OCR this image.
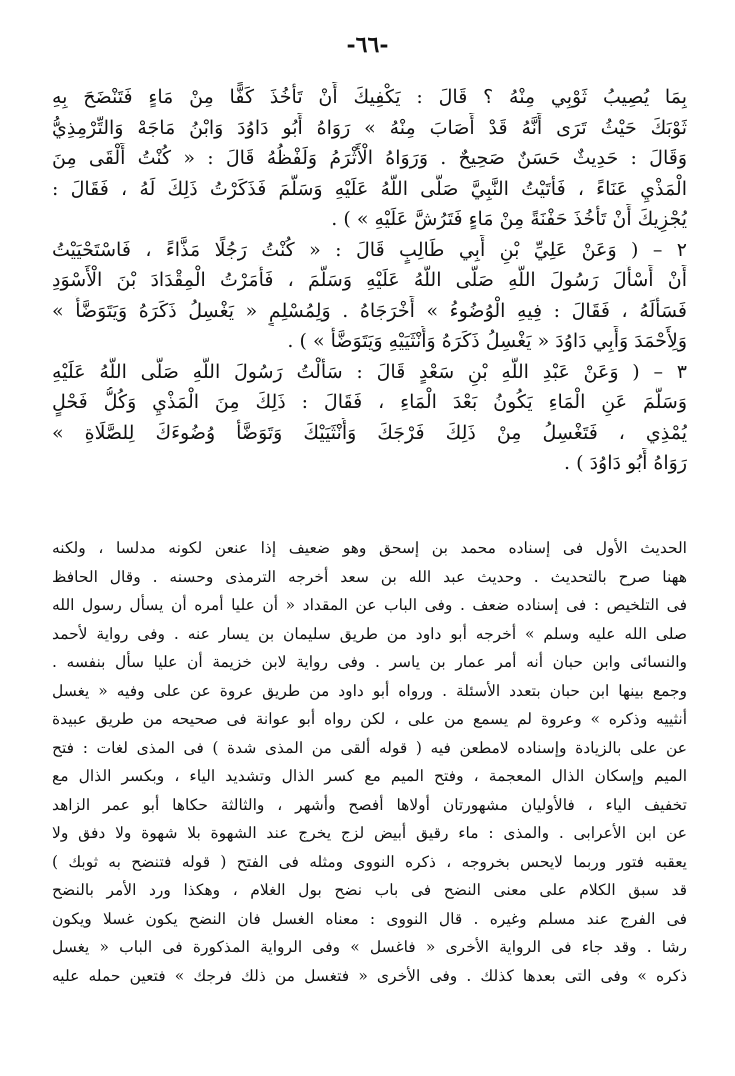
-٦٦-
بِمَا يُصِيبُ ثَوْبِي مِنْهُ ؟ قَالَ : يَكْفِيكَ أَنْ تَأْخُذَ كَفًّا مِنْ مَاءٍ فَتَنْضَحَ بِهِ
ثَوْبَكَ حَيْثُ تَرَى أَنَّهُ قَدْ أَصَابَ مِنْهُ » رَوَاهُ أَبُو دَاوُدَ وَابْنُ مَاجَهْ وَالتِّرْمِذِيُّ
وَقَالَ : حَدِيثٌ حَسَنٌ صَحِيحٌ . وَرَوَاهُ الْأَثْرَمُ وَلَفْظُهُ قَالَ : « كُنْتُ أَلْقَى مِنَ
الْمَذْيِ عَنَاءً ، فَأَتَيْتُ النَّبِيَّ صَلَّى اللَّهُ عَلَيْهِ وَسَلَّمَ فَذَكَرْتُ ذَلِكَ لَهُ ، فَقَالَ :
يُجْزِيكَ أَنْ تَأْخُذَ حَفْنَةً مِنْ مَاءٍ فَتَرُشَّ عَلَيْهِ » ) .
٢ – ( وَعَنْ عَلِيِّ بْنِ أَبِي طَالِبٍ قَالَ : « كُنْتُ رَجُلًا مَذَّاءً ، فَاسْتَحْيَيْتُ
أَنْ أَسْأَلَ رَسُولَ اللَّهِ صَلَّى اللَّهُ عَلَيْهِ وَسَلَّمَ ، فَأَمَرْتُ الْمِقْدَادَ بْنَ الْأَسْوَدِ
فَسَأَلَهُ ، فَقَالَ : فِيهِ الْوُضُوءُ » أَخْرَجَاهُ . وَلِمُسْلِمٍ « يَغْسِلُ ذَكَرَهُ وَيَتَوَضَّأُ »
وَلِأَحْمَدَ وَأَبِي دَاوُدَ « يَغْسِلُ ذَكَرَهُ وَأُنْثَيَيْهِ وَيَتَوَضَّأُ » ) .
٣ – ( وَعَنْ عَبْدِ اللَّهِ بْنِ سَعْدٍ قَالَ : سَأَلْتُ رَسُولَ اللَّهِ صَلَّى اللَّهُ عَلَيْهِ
وَسَلَّمَ عَنِ الْمَاءِ يَكُونُ بَعْدَ الْمَاءِ ، فَقَالَ : ذَلِكَ مِنَ الْمَذْيِ وَكُلُّ فَحْلٍ
يُمْذِي ، فَتَغْسِلُ مِنْ ذَلِكَ فَرْجَكَ وَأُنْثَيَيْكَ وَتَوَضَّأْ وُضُوءَكَ لِلصَّلَاةِ »
رَوَاهُ أَبُو دَاوُدَ ) .
الحديث الأول فى إسناده محمد بن إسحق وهو ضعيف إذا عنعن لكونه مدلسا ، ولكنه
ههنا صرح بالتحديث . وحديث عبد الله بن سعد أخرجه الترمذى وحسنه . وقال الحافظ
فى التلخيص : فى إسناده ضعف . وفى الباب عن المقداد « أن عليا أمره أن يسأل رسول الله
صلى الله عليه وسلم » أخرجه أبو داود من طريق سليمان بن يسار عنه . وفى رواية لأحمد
والنسائى وابن حبان أنه أمر عمار بن ياسر . وفى رواية لابن خزيمة أن عليا سأل بنفسه .
وجمع بينها ابن حبان بتعدد الأسئلة . ورواه أبو داود من طريق عروة عن على وفيه « يغسل
أنثييه وذكره » وعروة لم يسمع من على ، لكن رواه أبو عوانة فى صحيحه من طريق عبيدة
عن على بالزيادة وإسناده لامطعن فيه ( قوله ألقى من المذى شدة ) فى المذى لغات : فتح
الميم وإسكان الذال المعجمة ، وفتح الميم مع كسر الذال وتشديد الياء ، وبكسر الذال مع
تخفيف الياء ، فالأوليان مشهورتان أولاها أفصح وأشهر ، والثالثة حكاها أبو عمر الزاهد
عن ابن الأعرابى . والمذى : ماء رقيق أبيض لزج يخرج عند الشهوة بلا شهوة ولا دفق ولا
يعقبه فتور وربما لايحس بخروجه ، ذكره النووى ومثله فى الفتح ( قوله فتنضح به ثوبك )
قد سبق الكلام على معنى النضح فى باب نضح بول الغلام ، وهكذا ورد الأمر بالنضح
فى الفرج عند مسلم وغيره . قال النووى : معناه الغسل فان النضح يكون غسلا ويكون
رشا . وقد جاء فى الرواية الأخرى « فاغسل » وفى الرواية المذكورة فى الباب « يغسل
ذكره » وفى التى بعدها كذلك . وفى الأخرى « فتغسل من ذلك فرجك » فتعين حمله عليه
